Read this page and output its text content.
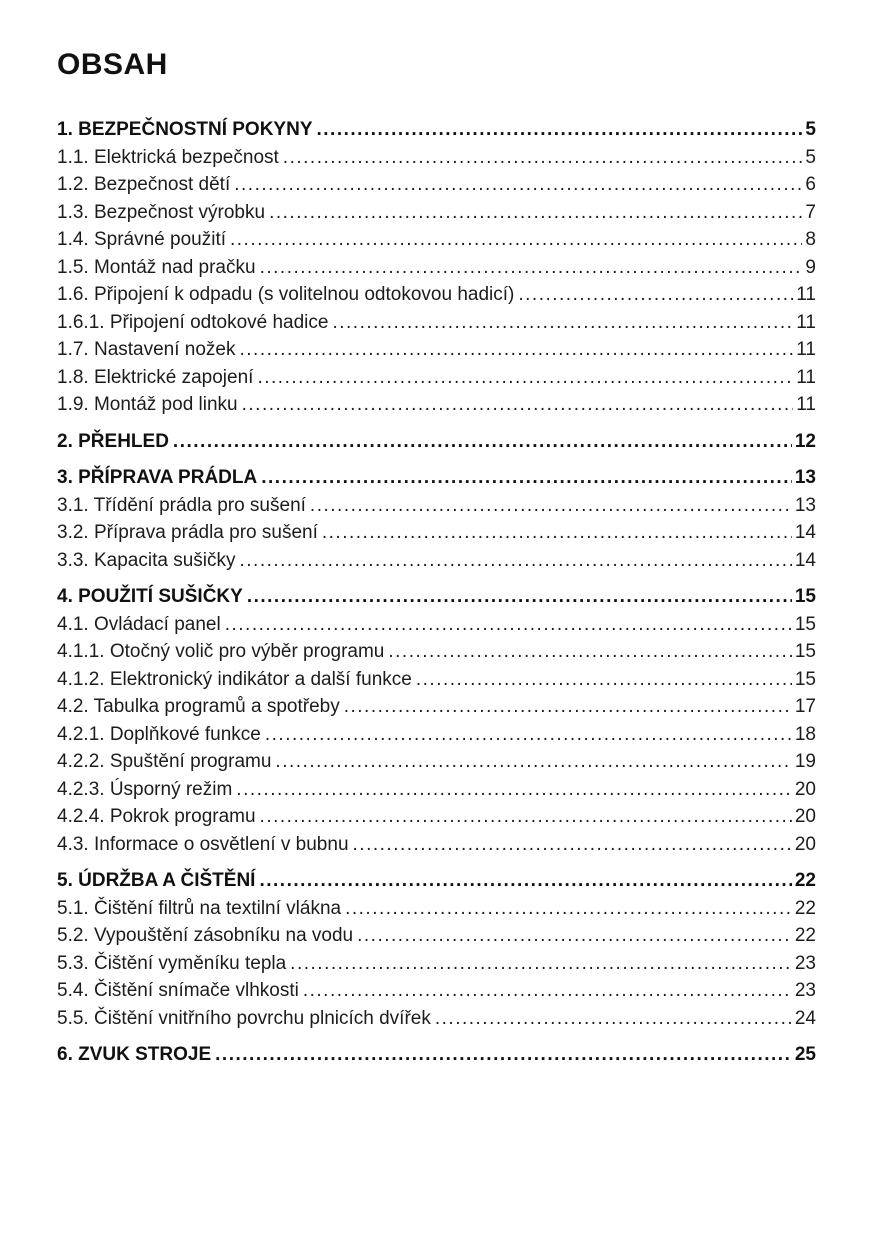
OBSAH
1. BEZPEČNOSTNÍ POKYNY .....	5
1.1. Elektrická bezpečnost .....	5
1.2. Bezpečnost dětí .....	6
1.3. Bezpečnost výrobku .....	7
1.4. Správné použití .....	8
1.5. Montáž nad pračku .....	9
1.6. Připojení k odpadu (s volitelnou odtokovou hadicí) .....	11
1.6.1. Připojení odtokové hadice .....	11
1.7. Nastavení nožek .....	11
1.8. Elektrické zapojení .....	11
1.9. Montáž pod linku .....	11
2. PŘEHLED .....	12
3. PŘÍPRAVA PRÁDLA .....	13
3.1. Třídění prádla pro sušení .....	13
3.2. Příprava prádla pro sušení .....	14
3.3. Kapacita sušičky .....	14
4. POUŽITÍ SUŠIČKY .....	15
4.1. Ovládací panel .....	15
4.1.1. Otočný volič pro výběr programu .....	15
4.1.2. Elektronický indikátor a další funkce .....	15
4.2. Tabulka programů a spotřeby .....	17
4.2.1. Doplňkové funkce .....	18
4.2.2. Spuštění programu .....	19
4.2.3. Úsporný režim .....	20
4.2.4. Pokrok programu .....	20
4.3. Informace o osvětlení v bubnu .....	20
5. ÚDRŽBA A ČIŠTĚNÍ .....	22
5.1. Čištění filtrů na textilní vlákna .....	22
5.2. Vypouštění zásobníku na vodu .....	22
5.3. Čištění vyměníku tepla .....	23
5.4. Čištění snímače vlhkosti .....	23
5.5. Čištění vnitřního povrchu plnicích dvířek .....	24
6. ZVUK STROJE .....	25
